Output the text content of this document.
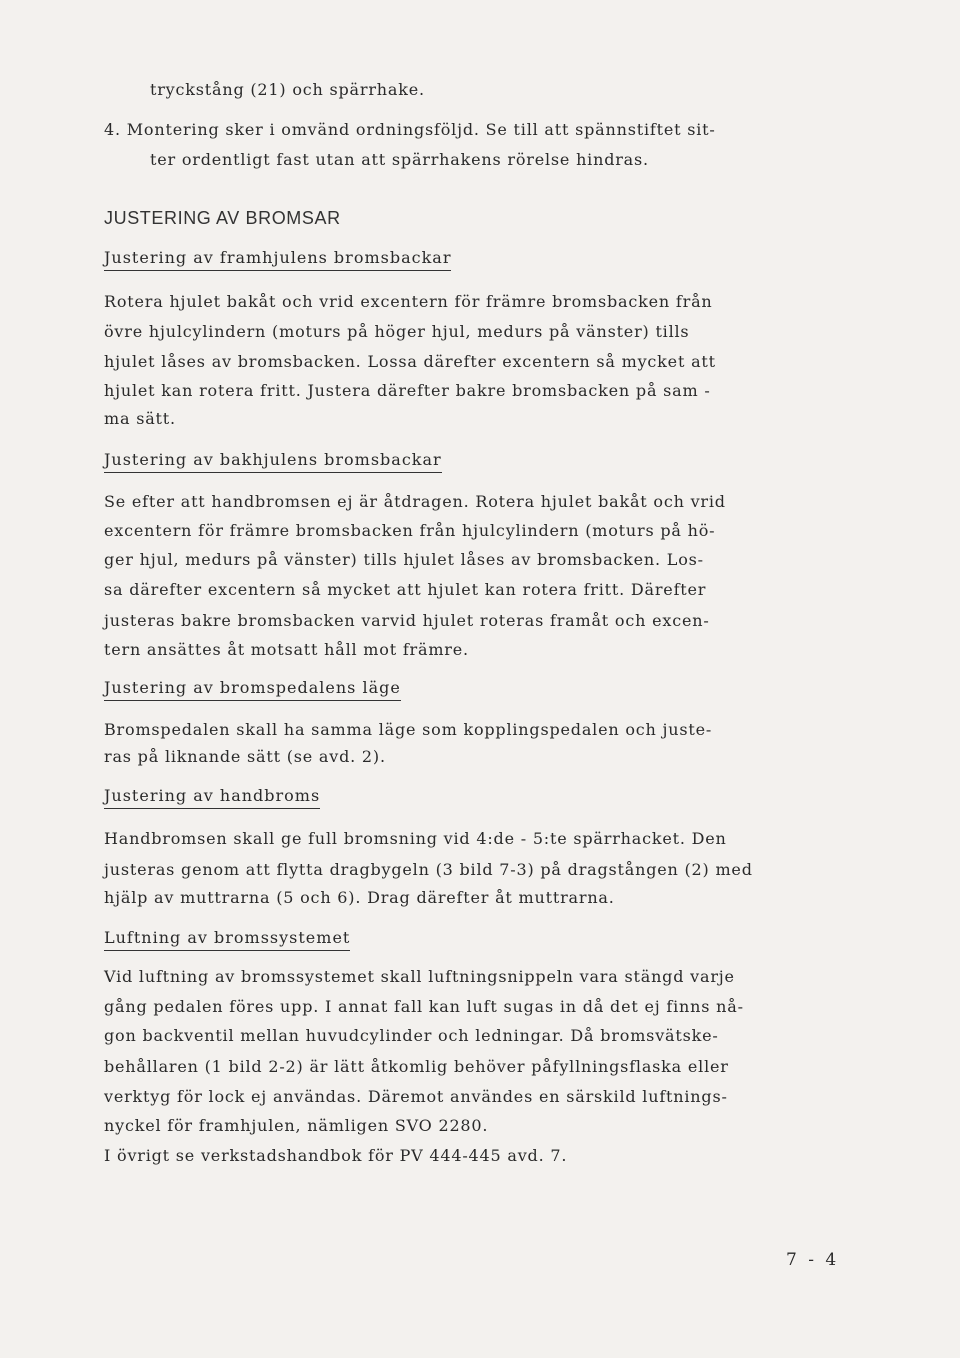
tryckstång (21) och spärrhake.
4. Montering sker i omvänd ordningsföljd. Se till att spännstiftet sit-
ter ordentligt fast utan att spärrhakens rörelse hindras.
JUSTERING AV BROMSAR
Justering av framhjulens bromsbackar
Rotera hjulet bakåt och vrid excentern för främre bromsbacken från
övre hjulcylindern (moturs på höger hjul, medurs på vänster) tills
hjulet låses av bromsbacken. Lossa därefter excentern så mycket att
hjulet kan rotera fritt. Justera därefter bakre bromsbacken på sam -
ma sätt.
Justering av bakhjulens bromsbackar
Se efter att handbromsen ej är åtdragen. Rotera hjulet bakåt och vrid
excentern för främre bromsbacken från hjulcylindern (moturs på hö-
ger hjul, medurs på vänster) tills hjulet låses av bromsbacken. Los-
sa därefter excentern så mycket att hjulet kan rotera fritt. Därefter
justeras bakre bromsbacken varvid hjulet roteras framåt och excen-
tern ansättes åt motsatt håll mot främre.
Justering av bromspedalens läge
Bromspedalen skall ha samma läge som kopplingspedalen och juste-
ras på liknande sätt (se avd. 2).
Justering av handbroms
Handbromsen skall ge full bromsning vid 4:de - 5:te spärrhacket. Den
justeras genom att flytta dragbygeln (3 bild 7-3) på dragstången (2) med
hjälp av muttrarna (5 och 6). Drag därefter åt muttrarna.
Luftning av bromssystemet
Vid luftning av bromssystemet skall luftningsnippeln vara stängd varje
gång pedalen föres upp. I annat fall kan luft sugas in då det ej finns nå-
gon backventil mellan huvudcylinder och ledningar. Då bromsvätske-
behållaren (1 bild 2-2) är lätt åtkomlig behöver påfyllningsflaska eller
verktyg för lock ej användas. Däremot användes en särskild luftnings-
nyckel för framhjulen, nämligen SVO 2280.
I övrigt se verkstadshandbok för PV 444-445 avd. 7.
7 - 4
